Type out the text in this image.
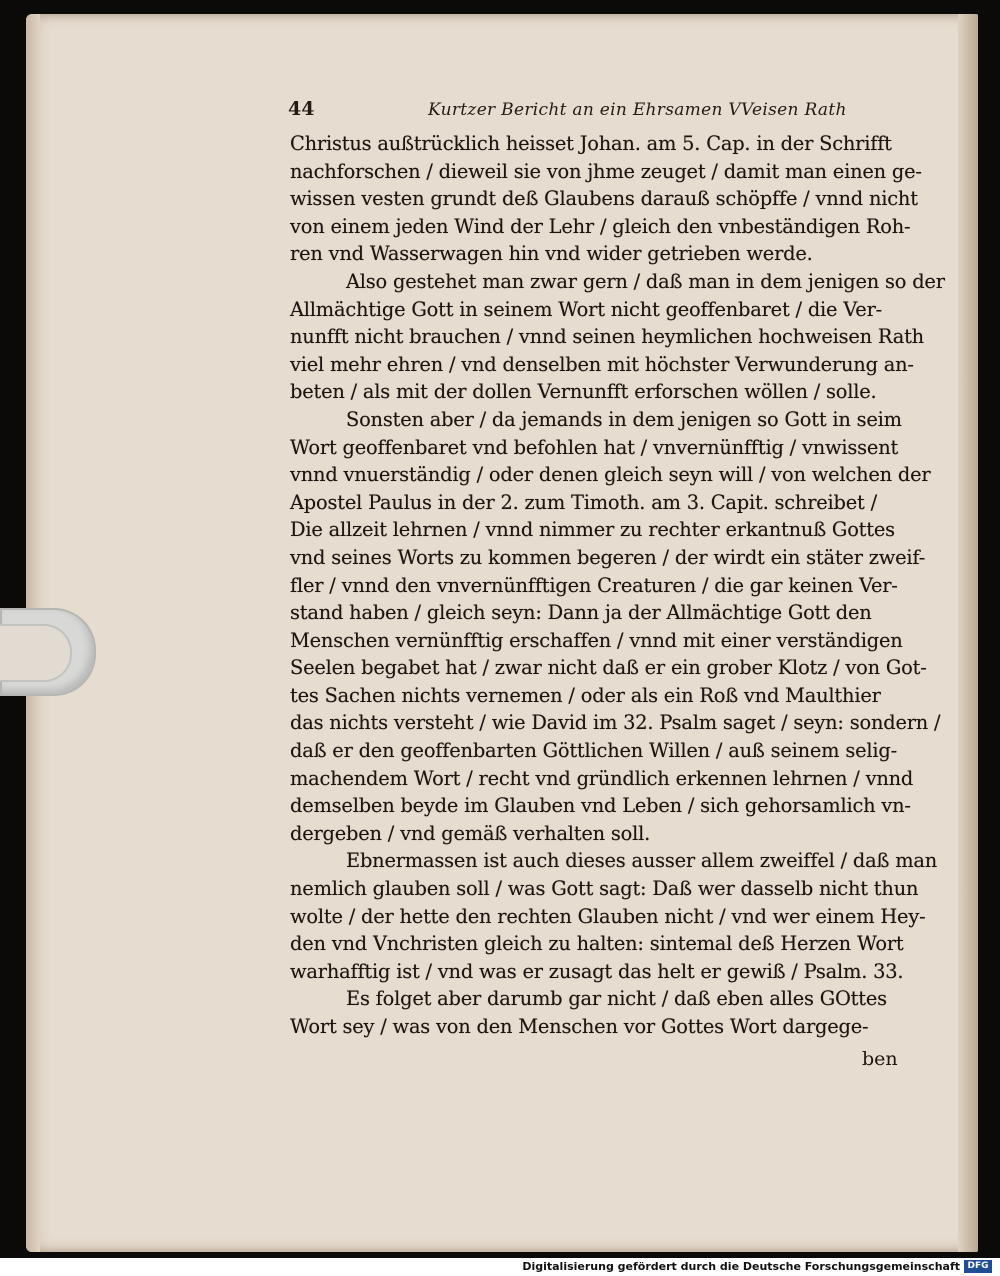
44	Kurtzer Bericht an ein Ehrsamen VVeisen Rath
Christus außtrücklich heisset Johan. am 5. Cap. in der Schrifft
nachforschen / dieweil sie von jhme zeuget / damit man einen ge-
wissen vesten grundt deß Glaubens darauß schöpffe / vnnd nicht
von einem jeden Wind der Lehr / gleich den vnbeständigen Roh-
ren vnd Wasserwagen hin vnd wider getrieben werde.
Also gestehet man zwar gern / daß man in dem jenigen so der
Allmächtige Gott in seinem Wort nicht geoffenbaret / die Ver-
nunfft nicht brauchen / vnnd seinen heymlichen hochweisen Rath
viel mehr ehren / vnd denselben mit höchster Verwunderung an-
beten / als mit der dollen Vernunfft erforschen wöllen / solle.
Sonsten aber / da jemands in dem jenigen so Gott in seim
Wort geoffenbaret vnd befohlen hat / vnvernünfftig / vnwissent
vnnd vnuerständig / oder denen gleich seyn will / von welchen der
Apostel Paulus in der 2. zum Timoth. am 3. Capit. schreibet /
Die allzeit lehrnen / vnnd nimmer zu rechter erkantnuß Gottes
vnd seines Worts zu kommen begeren / der wirdt ein stäter zweif-
fler / vnnd den vnvernünfftigen Creaturen / die gar keinen Ver-
stand haben / gleich seyn: Dann ja der Allmächtige Gott den
Menschen vernünfftig erschaffen / vnnd mit einer verständigen
Seelen begabet hat / zwar nicht daß er ein grober Klotz / von Got-
tes Sachen nichts vernemen / oder als ein Roß vnd Maulthier
das nichts versteht / wie David im 32. Psalm saget / seyn: sondern /
daß er den geoffenbarten Göttlichen Willen / auß seinem selig-
machendem Wort / recht vnd gründlich erkennen lehrnen / vnnd
demselben beyde im Glauben vnd Leben / sich gehorsamlich vn-
dergeben / vnd gemäß verhalten soll.
Ebnermassen ist auch dieses ausser allem zweiffel / daß man
nemlich glauben soll / was Gott sagt: Daß wer dasselb nicht thun
wolte / der hette den rechten Glauben nicht / vnd wer einem Hey-
den vnd Vnchristen gleich zu halten: sintemal deß Herzen Wort
warhafftig ist / vnd was er zusagt das helt er gewiß / Psalm. 33.
Es folget aber darumb gar nicht / daß eben alles GOttes
Wort sey / was von den Menschen vor Gottes Wort dargege-
ben
Digitalisierung gefördert durch die Deutsche Forschungsgemeinschaft DFG
